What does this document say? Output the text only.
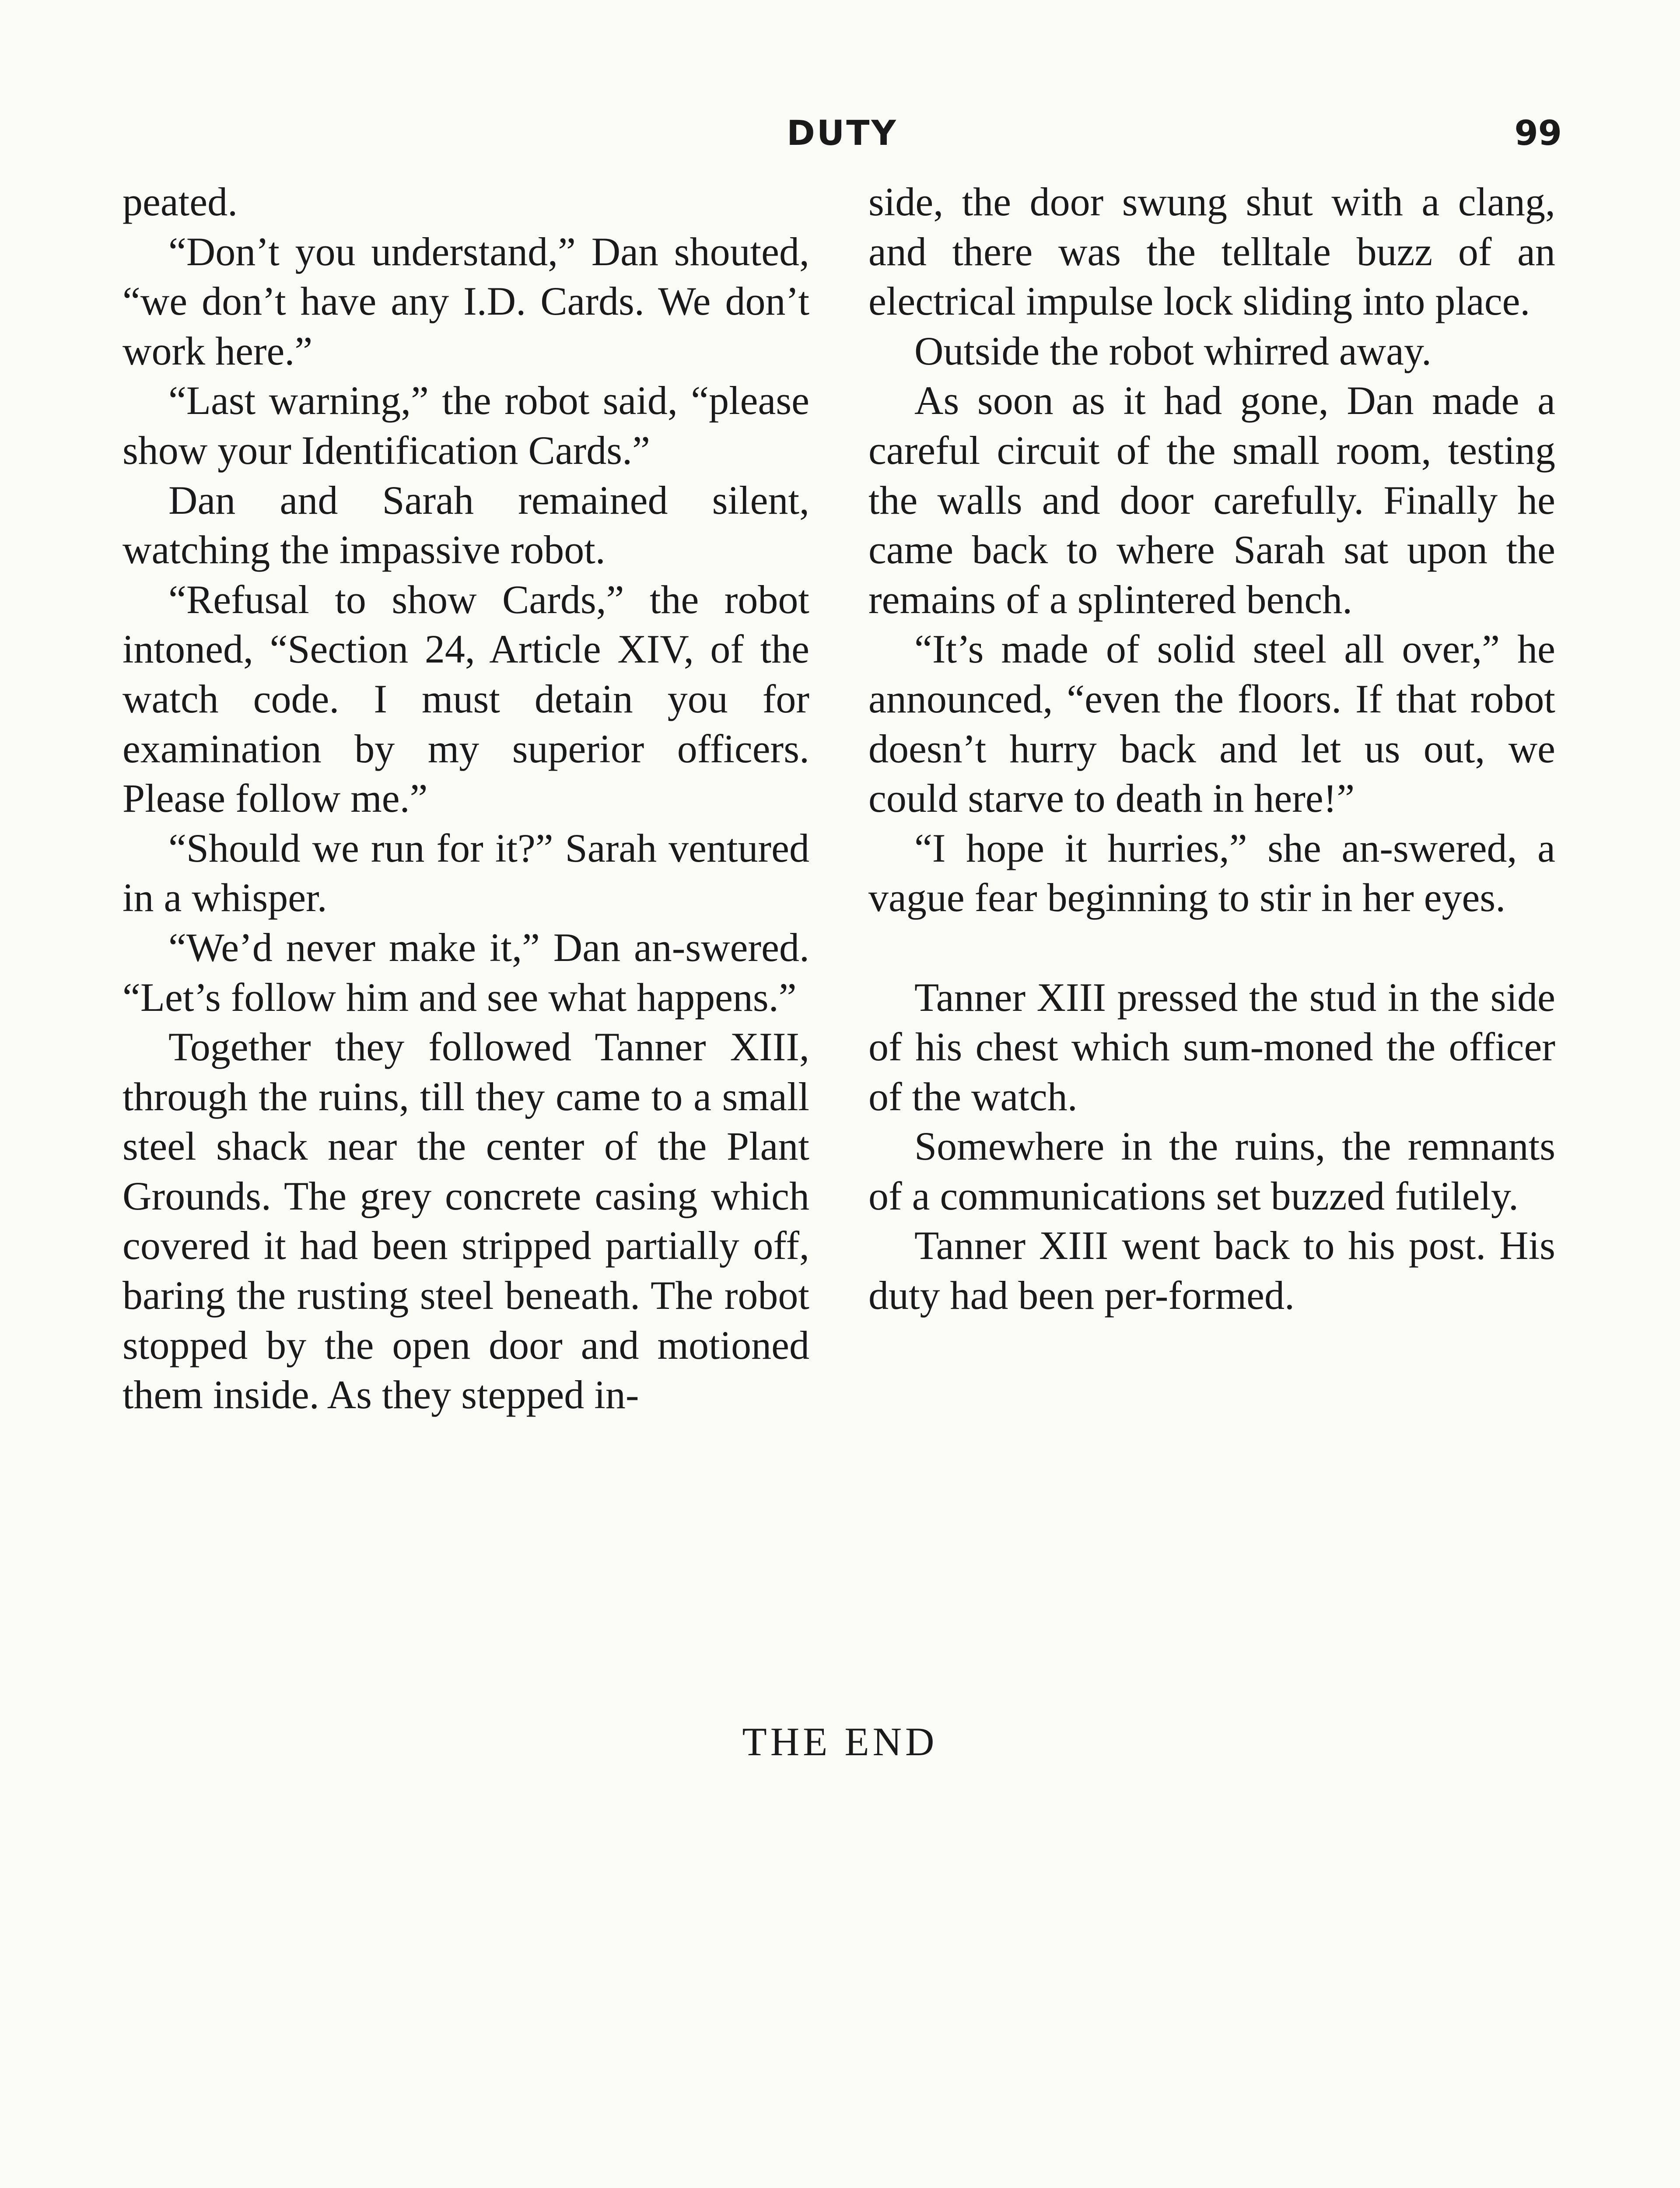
DUTY	99

peated.

“Don’t you understand,” Dan shouted, “we don’t have any I.D. Cards. We don’t work here.”

“Last warning,” the robot said, “please show your Identification Cards.”

Dan and Sarah remained silent, watching the impassive robot.

“Refusal to show Cards,” the robot intoned, “Section 24, Article XIV, of the watch code. I must detain you for examination by my superior officers. Please follow me.”

“Should we run for it?” Sarah ventured in a whisper.

“We’d never make it,” Dan an-swered. “Let’s follow him and see what happens.”

Together they followed Tanner XIII, through the ruins, till they came to a small steel shack near the center of the Plant Grounds. The grey concrete casing which covered it had been stripped partially off, baring the rusting steel beneath. The robot stopped by the open door and motioned them inside. As they stepped in-

side, the door swung shut with a clang, and there was the telltale buzz of an electrical impulse lock sliding into place.

Outside the robot whirred away.

As soon as it had gone, Dan made a careful circuit of the small room, testing the walls and door carefully. Finally he came back to where Sarah sat upon the remains of a splintered bench.

“It’s made of solid steel all over,” he announced, “even the floors. If that robot doesn’t hurry back and let us out, we could starve to death in here!”

“I hope it hurries,” she an-swered, a vague fear beginning to stir in her eyes.

Tanner XIII pressed the stud in the side of his chest which sum-moned the officer of the watch.

Somewhere in the ruins, the remnants of a communications set buzzed futilely.

Tanner XIII went back to his post. His duty had been per-formed.

THE END
